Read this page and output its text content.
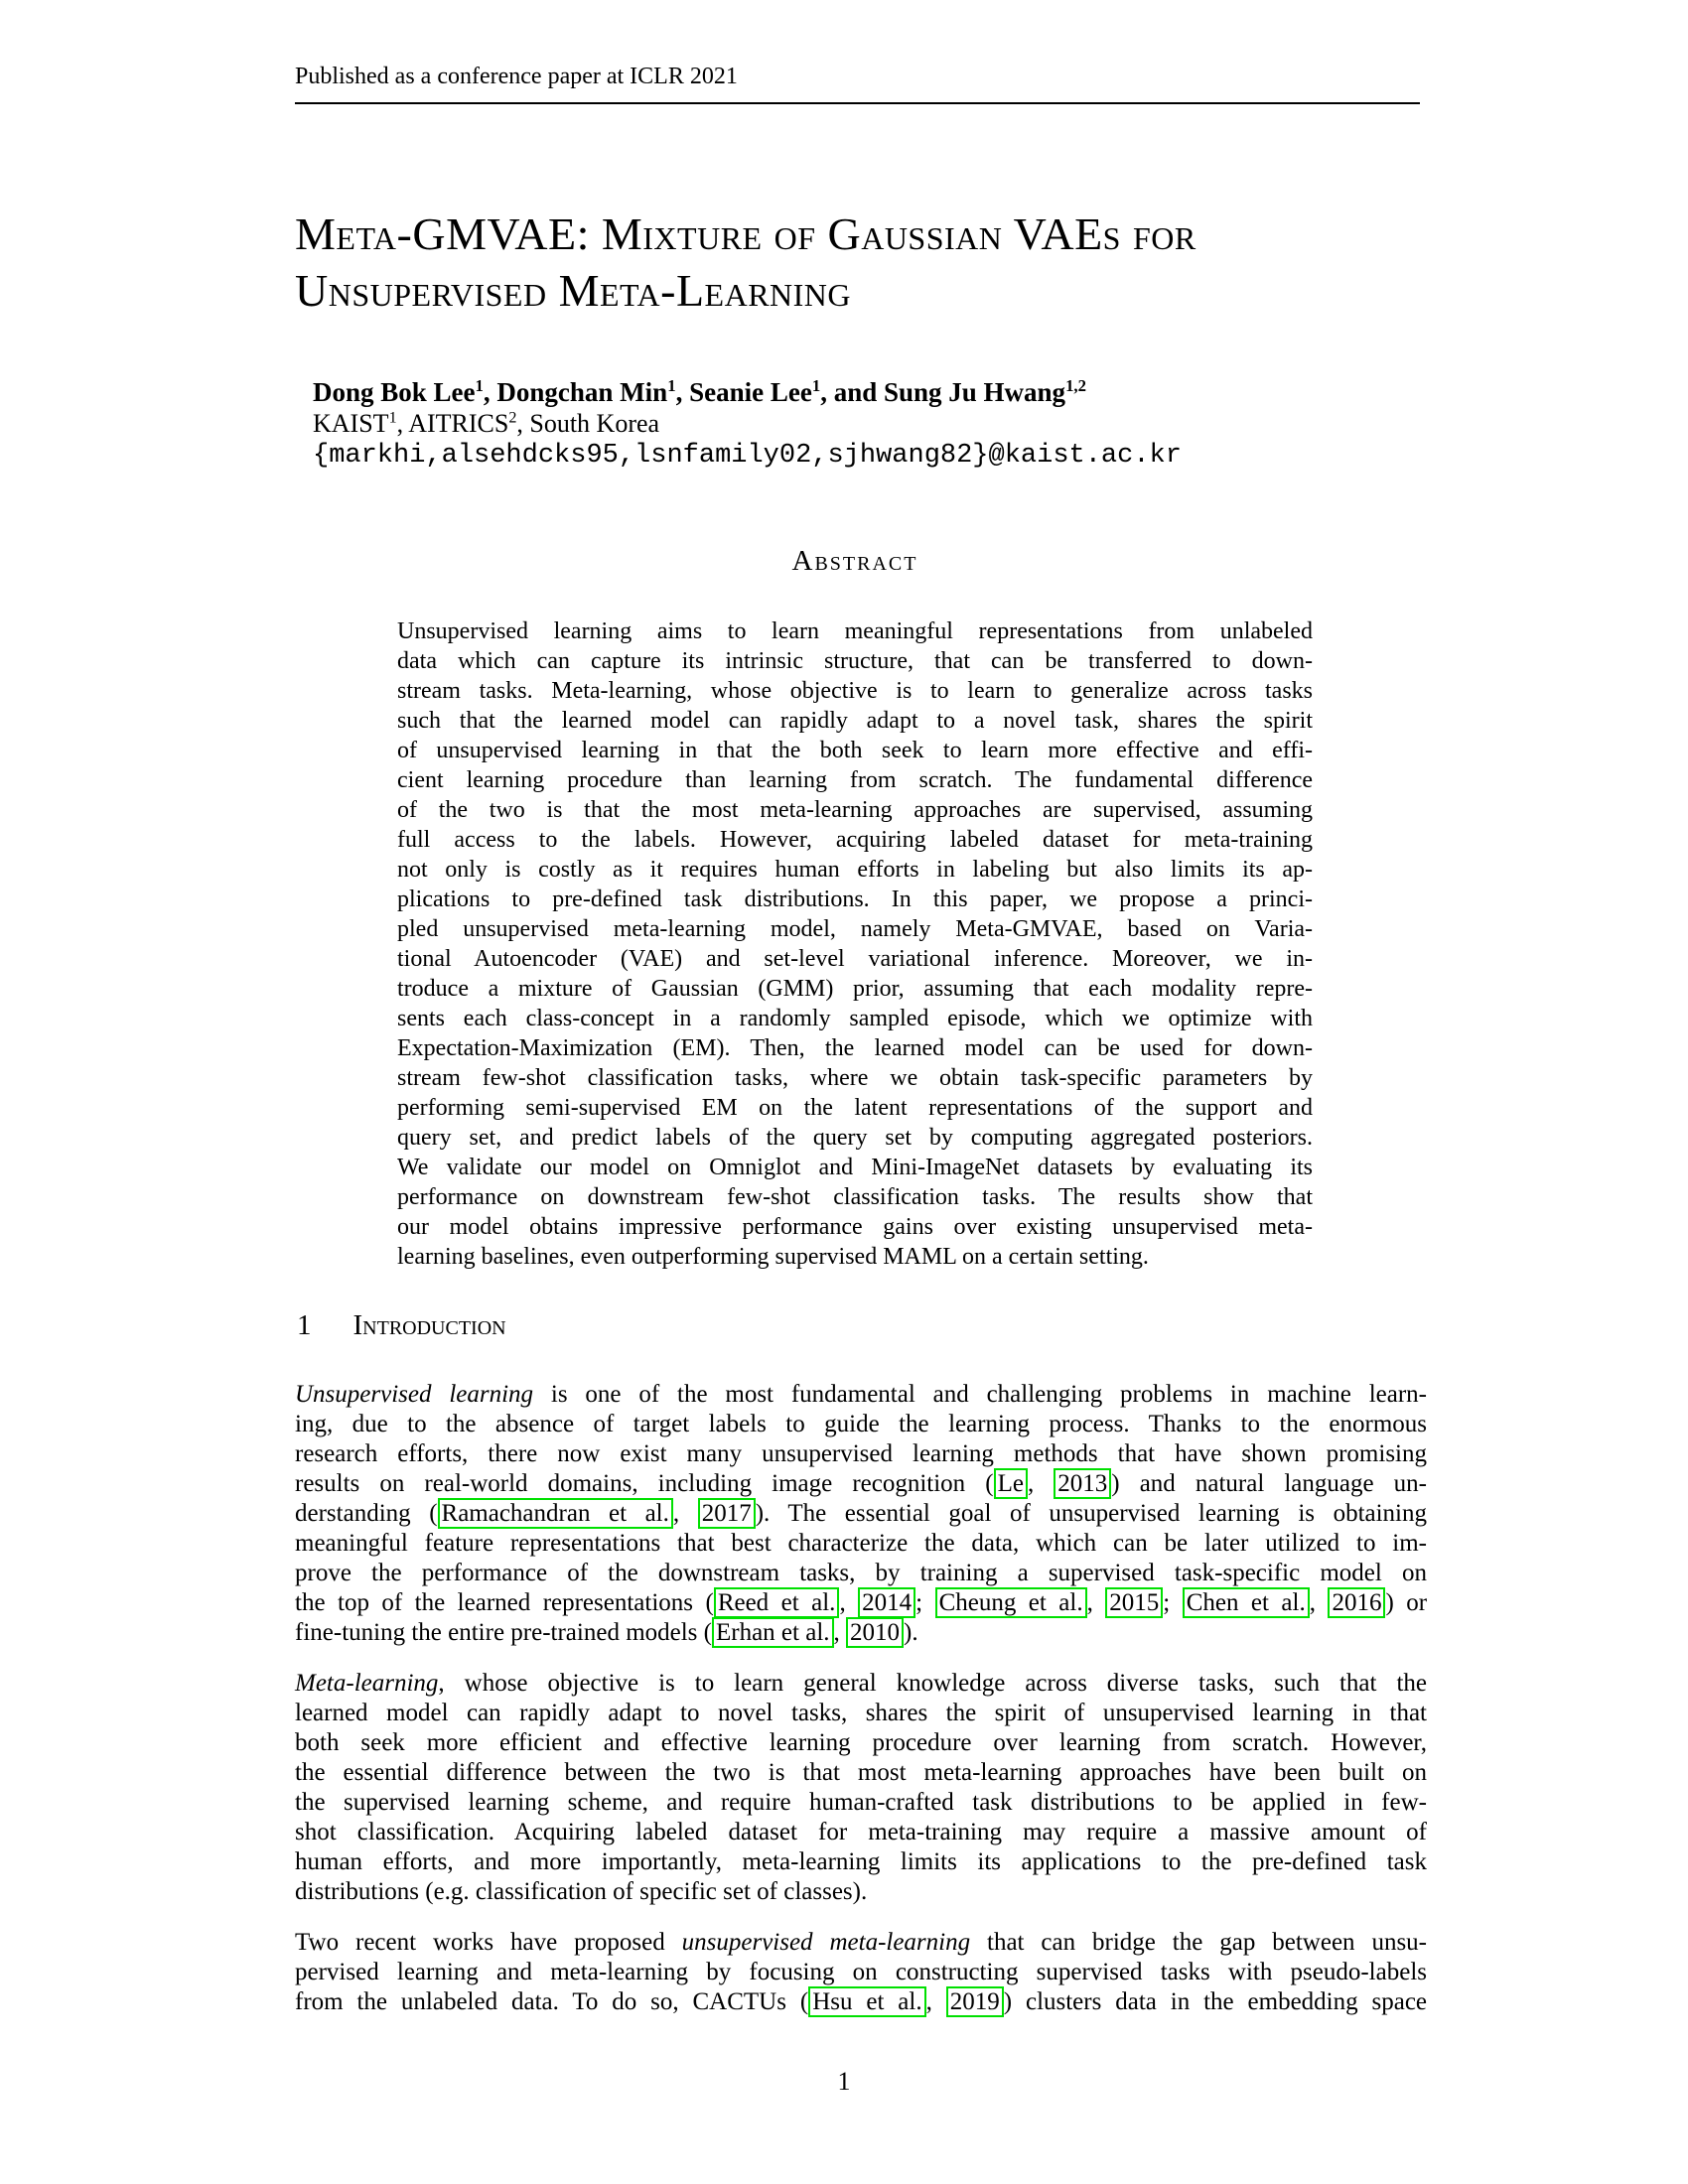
Published as a conference paper at ICLR 2021
Meta-GMVAE: Mixture of Gaussian VAEs for
Unsupervised Meta-Learning
Dong Bok Lee$^1$, Dongchan Min$^1$, Seanie Lee$^1$, and Sung Ju Hwang$^{1,2}$
KAIST$^1$, AITRICS$^2$, South Korea
{markhi,alsehdcks95,lsnfamily02,sjhwang82}@kaist.ac.kr
Abstract
Unsupervised learning aims to learn meaningful representations from unlabeled
data which can capture its intrinsic structure, that can be transferred to down-
stream tasks. Meta-learning, whose objective is to learn to generalize across tasks
such that the learned model can rapidly adapt to a novel task, shares the spirit
of unsupervised learning in that the both seek to learn more effective and effi-
cient learning procedure than learning from scratch. The fundamental difference
of the two is that the most meta-learning approaches are supervised, assuming
full access to the labels. However, acquiring labeled dataset for meta-training
not only is costly as it requires human efforts in labeling but also limits its ap-
plications to pre-defined task distributions. In this paper, we propose a princi-
pled unsupervised meta-learning model, namely Meta-GMVAE, based on Varia-
tional Autoencoder (VAE) and set-level variational inference. Moreover, we in-
troduce a mixture of Gaussian (GMM) prior, assuming that each modality repre-
sents each class-concept in a randomly sampled episode, which we optimize with
Expectation-Maximization (EM). Then, the learned model can be used for down-
stream few-shot classification tasks, where we obtain task-specific parameters by
performing semi-supervised EM on the latent representations of the support and
query set, and predict labels of the query set by computing aggregated posteriors.
We validate our model on Omniglot and Mini-ImageNet datasets by evaluating its
performance on downstream few-shot classification tasks. The results show that
our model obtains impressive performance gains over existing unsupervised meta-
learning baselines, even outperforming supervised MAML on a certain setting.
1 Introduction
Unsupervised learning is one of the most fundamental and challenging problems in machine learn-
ing, due to the absence of target labels to guide the learning process. Thanks to the enormous
research efforts, there now exist many unsupervised learning methods that have shown promising
results on real-world domains, including image recognition ( Le , 2013 ) and natural language un-
derstanding ( Ramachandran et al. , 2017 ). The essential goal of unsupervised learning is obtaining
meaningful feature representations that best characterize the data, which can be later utilized to im-
prove the performance of the downstream tasks, by training a supervised task-specific model on
the top of the learned representations ( Reed et al. , 2014 ; Cheung et al. , 2015 ; Chen et al. , 2016 ) or
fine-tuning the entire pre-trained models ( Erhan et al. , 2010 ).
Meta-learning, whose objective is to learn general knowledge across diverse tasks, such that the
learned model can rapidly adapt to novel tasks, shares the spirit of unsupervised learning in that
both seek more efficient and effective learning procedure over learning from scratch. However,
the essential difference between the two is that most meta-learning approaches have been built on
the supervised learning scheme, and require human-crafted task distributions to be applied in few-
shot classification. Acquiring labeled dataset for meta-training may require a massive amount of
human efforts, and more importantly, meta-learning limits its applications to the pre-defined task
distributions (e.g. classification of specific set of classes).
Two recent works have proposed unsupervised meta-learning that can bridge the gap between unsu-
pervised learning and meta-learning by focusing on constructing supervised tasks with pseudo-labels
from the unlabeled data. To do so, CACTUs ( Hsu et al. , 2019 ) clusters data in the embedding space
1
